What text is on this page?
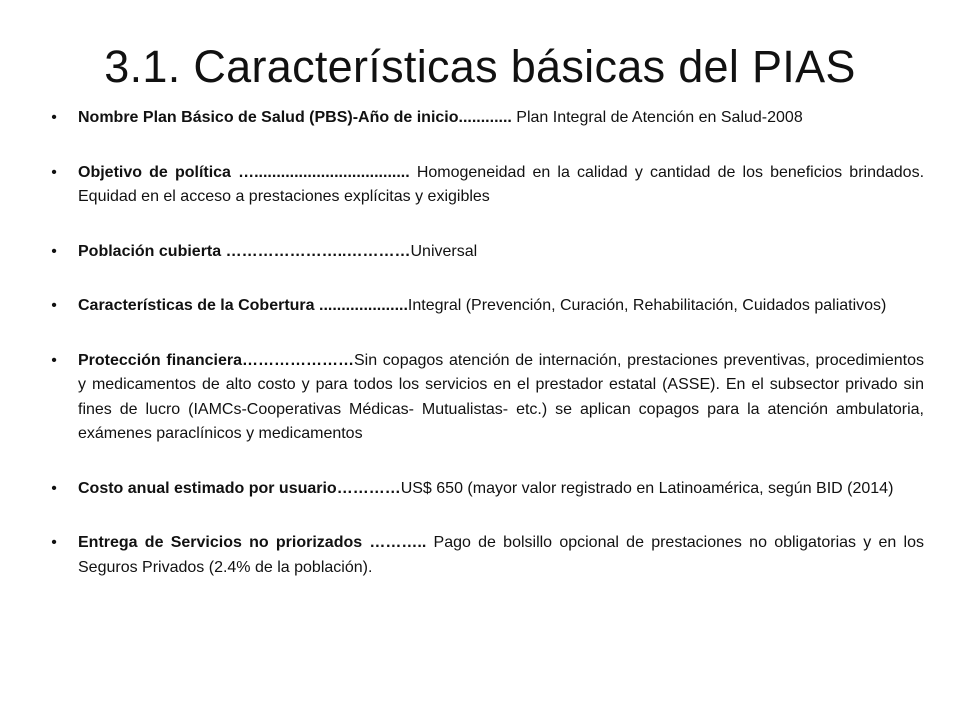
3.1. Características básicas del PIAS
•	Nombre Plan Básico de Salud (PBS)-Año de inicio............ Plan Integral de Atención en Salud-2008
•	Objetivo de política …................................... Homogeneidad en la calidad y cantidad de los beneficios brindados. Equidad en el acceso a prestaciones explícitas y exigibles
•	Población cubierta …………………..…………Universal
•	Características de la Cobertura ....................Integral (Prevención, Curación, Rehabilitación, Cuidados paliativos)
•	Protección financiera…………………Sin copagos atención de internación, prestaciones preventivas, procedimientos y medicamentos de alto costo y para todos los servicios en el prestador estatal (ASSE). En el subsector privado sin fines de lucro (IAMCs-Cooperativas Médicas- Mutualistas- etc.) se aplican copagos para la atención ambulatoria, exámenes paraclínicos y medicamentos
•	Costo anual estimado por usuario…………US$ 650 (mayor valor registrado en Latinoamérica, según BID (2014)
•	Entrega de Servicios no priorizados ……….. Pago de bolsillo opcional de prestaciones no obligatorias y en los Seguros Privados (2.4% de la población).
